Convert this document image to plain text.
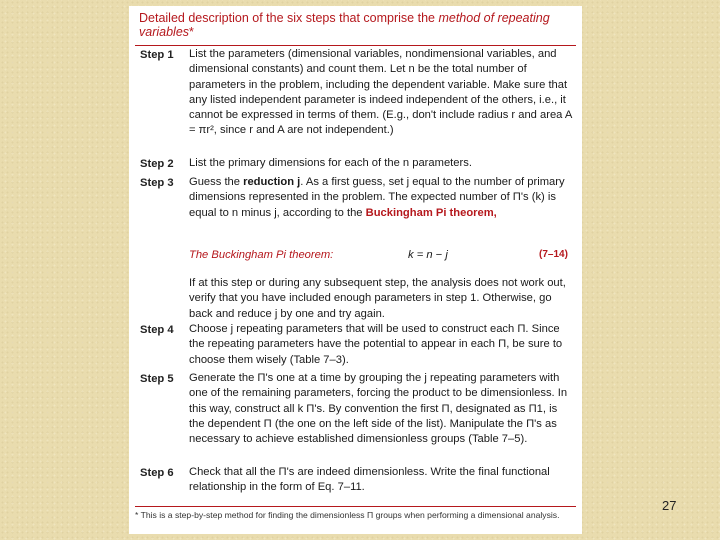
Detailed description of the six steps that comprise the method of repeating variables*
Step 1 List the parameters (dimensional variables, nondimensional variables, and dimensional constants) and count them. Let n be the total number of parameters in the problem, including the dependent variable. Make sure that any listed independent parameter is indeed independent of the others, i.e., it cannot be expressed in terms of them. (E.g., don't include radius r and area A = πr², since r and A are not independent.)
Step 2 List the primary dimensions for each of the n parameters.
Step 3 Guess the reduction j. As a first guess, set j equal to the number of primary dimensions represented in the problem. The expected number of Π's (k) is equal to n minus j, according to the Buckingham Pi theorem,
The Buckingham Pi theorem:	k = n − j	(7–14)
If at this step or during any subsequent step, the analysis does not work out, verify that you have included enough parameters in step 1. Otherwise, go back and reduce j by one and try again.
Step 4 Choose j repeating parameters that will be used to construct each Π. Since the repeating parameters have the potential to appear in each Π, be sure to choose them wisely (Table 7–3).
Step 5 Generate the Π's one at a time by grouping the j repeating parameters with one of the remaining parameters, forcing the product to be dimensionless. In this way, construct all k Π's. By convention the first Π, designated as Π1, is the dependent Π (the one on the left side of the list). Manipulate the Π's as necessary to achieve established dimensionless groups (Table 7–5).
Step 6 Check that all the Π's are indeed dimensionless. Write the final functional relationship in the form of Eq. 7–11.
* This is a step-by-step method for finding the dimensionless Π groups when performing a dimensional analysis.
27
